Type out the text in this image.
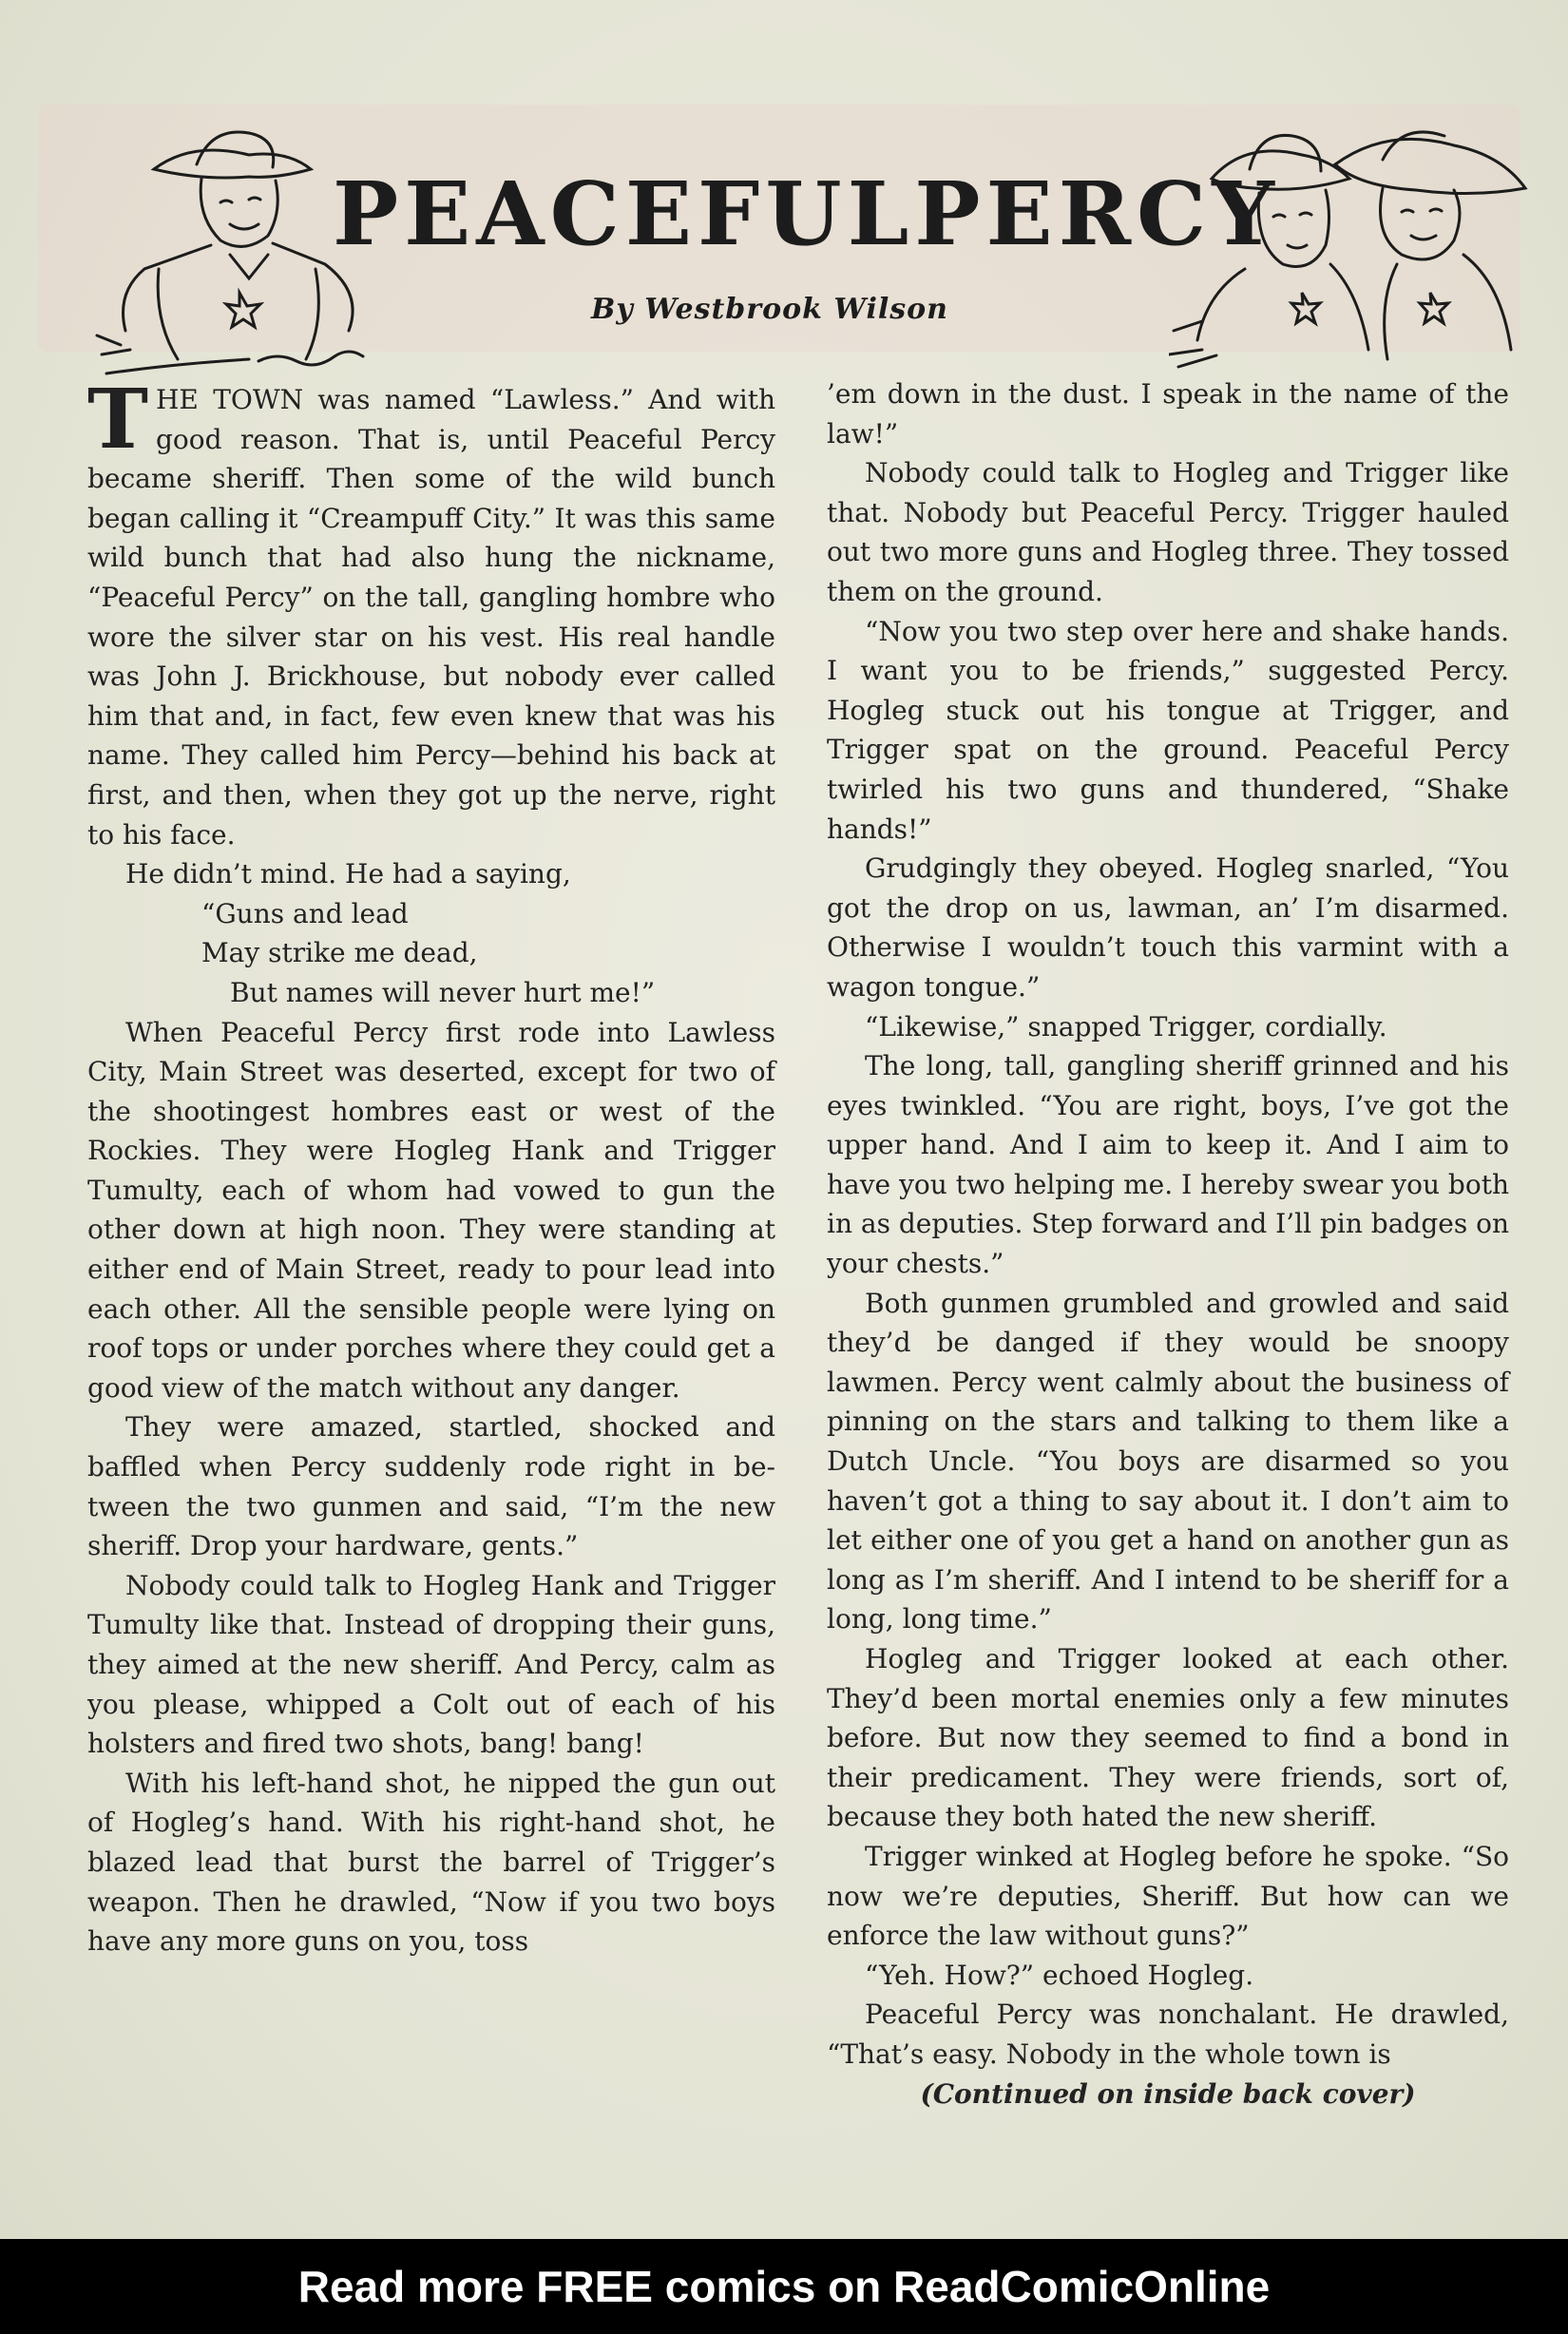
PEACEFUL PERCY
By Westbrook Wilson

THE TOWN was named “Lawless.” And with good reason. That is, until Peaceful Percy became sheriff. Then some of the wild bunch began calling it “Creampuff City.” It was this same wild bunch that had also hung the nickname, “Peaceful Percy” on the tall, gangling hombre who wore the silver star on his vest. His real handle was John J. Brickhouse, but nobody ever called him that and, in fact, few even knew that was his name. They called him Percy—behind his back at first, and then, when they got up the nerve, right to his face.

He didn’t mind. He had a saying,

“Guns and lead
May strike me dead,
But names will never hurt me!”

When Peaceful Percy first rode into Lawless City, Main Street was deserted, except for two of the shootingest hombres east or west of the Rockies. They were Hogleg Hank and Trigger Tumulty, each of whom had vowed to gun the other down at high noon. They were standing at either end of Main Street, ready to pour lead into each other. All the sensible people were lying on roof tops or under porches where they could get a good view of the match without any danger.

They were amazed, startled, shocked and baffled when Percy suddenly rode right in between the two gunmen and said, “I’m the new sheriff. Drop your hardware, gents.”

Nobody could talk to Hogleg Hank and Trigger Tumulty like that. Instead of dropping their guns, they aimed at the new sheriff. And Percy, calm as you please, whipped a Colt out of each of his holsters and fired two shots, bang! bang!

With his left-hand shot, he nipped the gun out of Hogleg’s hand. With his right-hand shot, he blazed lead that burst the barrel of Trigger’s weapon. Then he drawled, “Now if you two boys have any more guns on you, toss

’em down in the dust. I speak in the name of the law!”

Nobody could talk to Hogleg and Trigger like that. Nobody but Peaceful Percy. Trigger hauled out two more guns and Hogleg three. They tossed them on the ground.

“Now you two step over here and shake hands. I want you to be friends,” suggested Percy. Hogleg stuck out his tongue at Trigger, and Trigger spat on the ground. Peaceful Percy twirled his two guns and thundered, “Shake hands!”

Grudgingly they obeyed. Hogleg snarled, “You got the drop on us, lawman, an’ I’m disarmed. Otherwise I wouldn’t touch this varmint with a wagon tongue.”

“Likewise,” snapped Trigger, cordially.

The long, tall, gangling sheriff grinned and his eyes twinkled. “You are right, boys, I’ve got the upper hand. And I aim to keep it. And I aim to have you two helping me. I hereby swear you both in as deputies. Step forward and I’ll pin badges on your chests.”

Both gunmen grumbled and growled and said they’d be danged if they would be snoopy lawmen. Percy went calmly about the business of pinning on the stars and talking to them like a Dutch Uncle. “You boys are disarmed so you haven’t got a thing to say about it. I don’t aim to let either one of you get a hand on another gun as long as I’m sheriff. And I intend to be sheriff for a long, long time.”

Hogleg and Trigger looked at each other. They’d been mortal enemies only a few minutes before. But now they seemed to find a bond in their predicament. They were friends, sort of, because they both hated the new sheriff.

Trigger winked at Hogleg before he spoke. “So now we’re deputies, Sheriff. But how can we enforce the law without guns?”

“Yeh. How?” echoed Hogleg.

Peaceful Percy was nonchalant. He drawled, “That’s easy. Nobody in the whole town is

(Continued on inside back cover)

Read more FREE comics on ReadComicOnline
